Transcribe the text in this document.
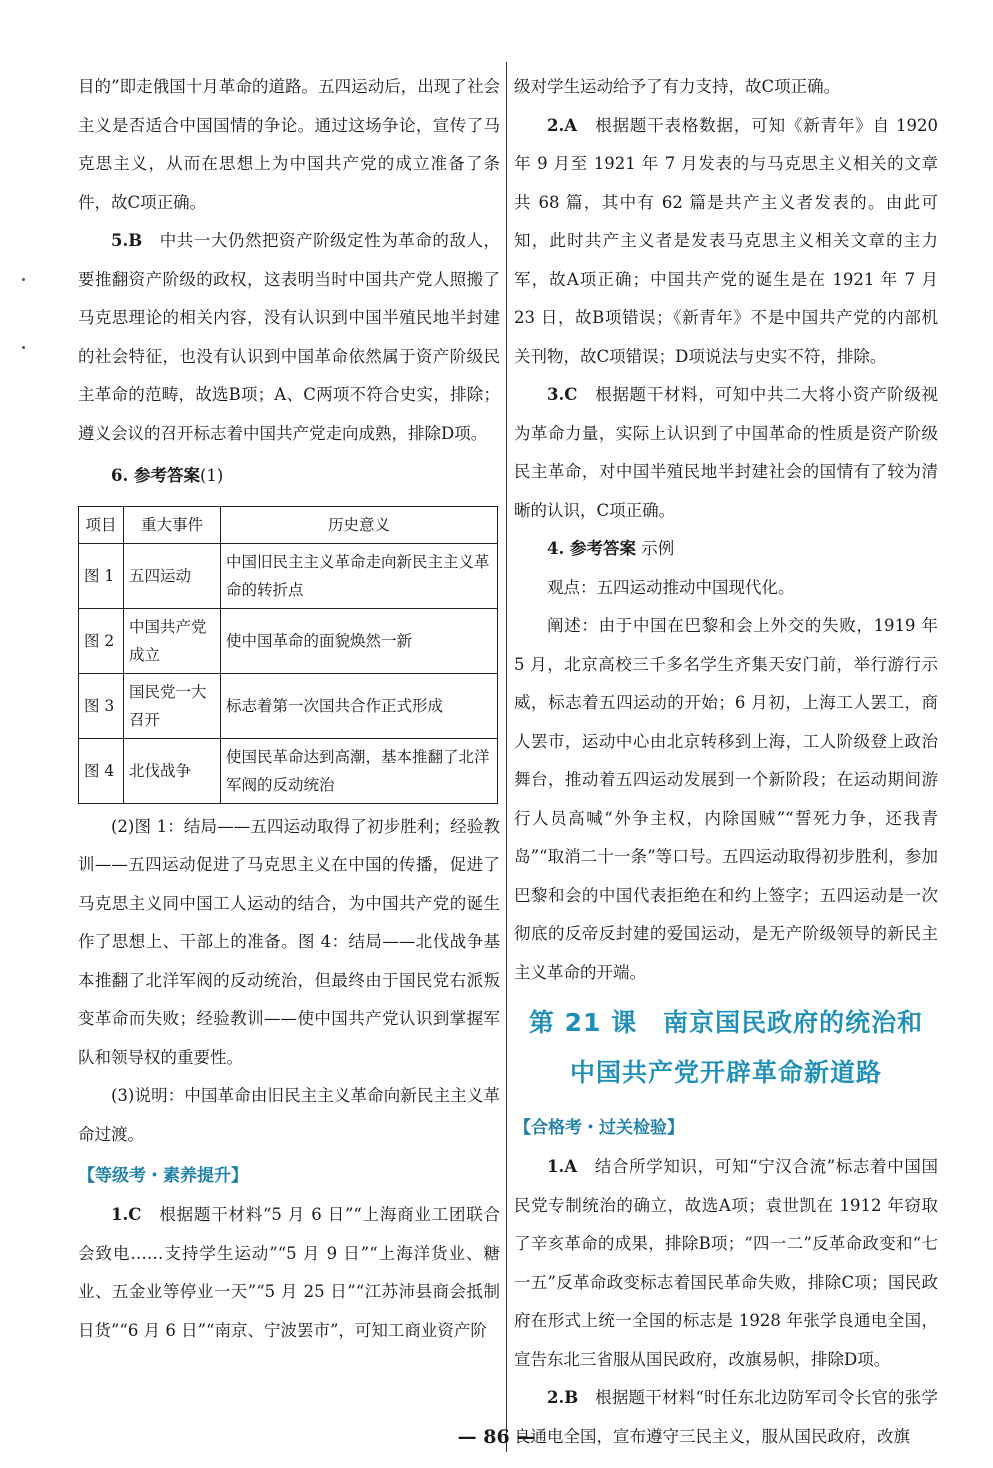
目的”即走俄国十月革命的道路。五四运动后，出现了社会主义是否适合中国国情的争论。通过这场争论，宣传了马克思主义，从而在思想上为中国共产党的成立准备了条件，故C项正确。

5.B　中共一大仍然把资产阶级定性为革命的敌人，要推翻资产阶级的政权，这表明当时中国共产党人照搬了马克思理论的相关内容，没有认识到中国半殖民地半封建的社会特征，也没有认识到中国革命依然属于资产阶级民主革命的范畴，故选B项；A、C两项不符合史实，排除；遵义会议的召开标志着中国共产党走向成熟，排除D项。

6. 参考答案(1)

项目	重大事件	历史意义
图 1	五四运动	中国旧民主主义革命走向新民主主义革命的转折点
图 2	中国共产党成立	使中国革命的面貌焕然一新
图 3	国民党一大召开	标志着第一次国共合作正式形成
图 4	北伐战争	使国民革命达到高潮，基本推翻了北洋军阀的反动统治

(2)图 1：结局——五四运动取得了初步胜利；经验教训——五四运动促进了马克思主义在中国的传播，促进了马克思主义同中国工人运动的结合，为中国共产党的诞生作了思想上、干部上的准备。图 4：结局——北伐战争基本推翻了北洋军阀的反动统治，但最终由于国民党右派叛变革命而失败；经验教训——使中国共产党认识到掌握军队和领导权的重要性。

(3)说明：中国革命由旧民主主义革命向新民主主义革命过渡。

【等级考・素养提升】

1.C　根据题干材料“5 月 6 日”“上海商业工团联合会致电……支持学生运动”“5 月 9 日”“上海洋货业、糖业、五金业等停业一天”“5 月 25 日”“江苏沛县商会抵制日货”“6 月 6 日”“南京、宁波罢市”，可知工商业资产阶

级对学生运动给予了有力支持，故C项正确。

2.A　根据题干表格数据，可知《新青年》自 1920 年 9 月至 1921 年 7 月发表的与马克思主义相关的文章共 68 篇，其中有 62 篇是共产主义者发表的。由此可知，此时共产主义者是发表马克思主义相关文章的主力军，故A项正确；中国共产党的诞生是在 1921 年 7 月 23 日，故B项错误；《新青年》不是中国共产党的内部机关刊物，故C项错误；D项说法与史实不符，排除。

3.C　根据题干材料，可知中共二大将小资产阶级视为革命力量，实际上认识到了中国革命的性质是资产阶级民主革命，对中国半殖民地半封建社会的国情有了较为清晰的认识，C项正确。

4. 参考答案 示例

观点：五四运动推动中国现代化。

阐述：由于中国在巴黎和会上外交的失败，1919 年 5 月，北京高校三千多名学生齐集天安门前，举行游行示威，标志着五四运动的开始；6 月初，上海工人罢工，商人罢市，运动中心由北京转移到上海，工人阶级登上政治舞台，推动着五四运动发展到一个新阶段；在运动期间游行人员高喊“外争主权，内除国贼”“誓死力争，还我青岛”“取消二十一条”等口号。五四运动取得初步胜利，参加巴黎和会的中国代表拒绝在和约上签字；五四运动是一次彻底的反帝反封建的爱国运动，是无产阶级领导的新民主主义革命的开端。

第 21 课　南京国民政府的统治和
中国共产党开辟革命新道路
【合格考・过关检验】

1.A　结合所学知识，可知“宁汉合流”标志着中国国民党专制统治的确立，故选A项；袁世凯在 1912 年窃取了辛亥革命的成果，排除B项；“四一二”反革命政变和“七一五”反革命政变标志着国民革命失败，排除C项；国民政府在形式上统一全国的标志是 1928 年张学良通电全国，宣告东北三省服从国民政府，改旗易帜，排除D项。

2.B　根据题干材料“时任东北边防军司令长官的张学良通电全国，宣布遵守三民主义，服从国民政府，改旗

— 86 —
